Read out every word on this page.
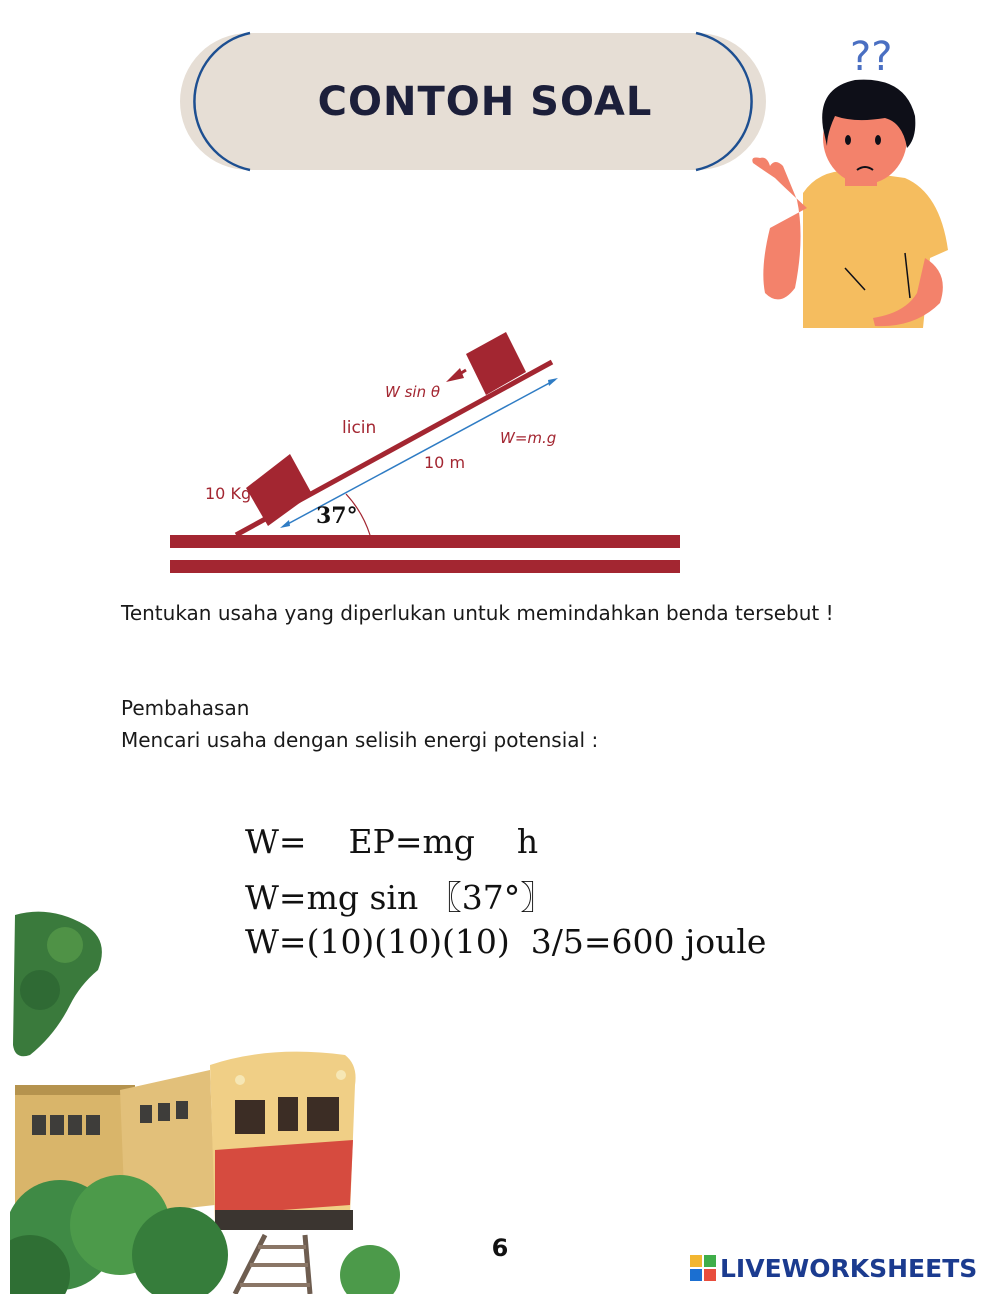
CONTOH SOAL
??
W sin θ
licin	W=m.g
10 m
10 Kg
37°
Tentukan usaha yang diperlukan untuk memindahkan benda tersebut !
Pembahasan
Mencari usaha dengan selisih energi potensial :
W=    EP=mg    h
W=mg sin ⁡〖37°〗
W=(10)(10)(10)  3/5=600 joule
6
LIVEWORKSHEETS
